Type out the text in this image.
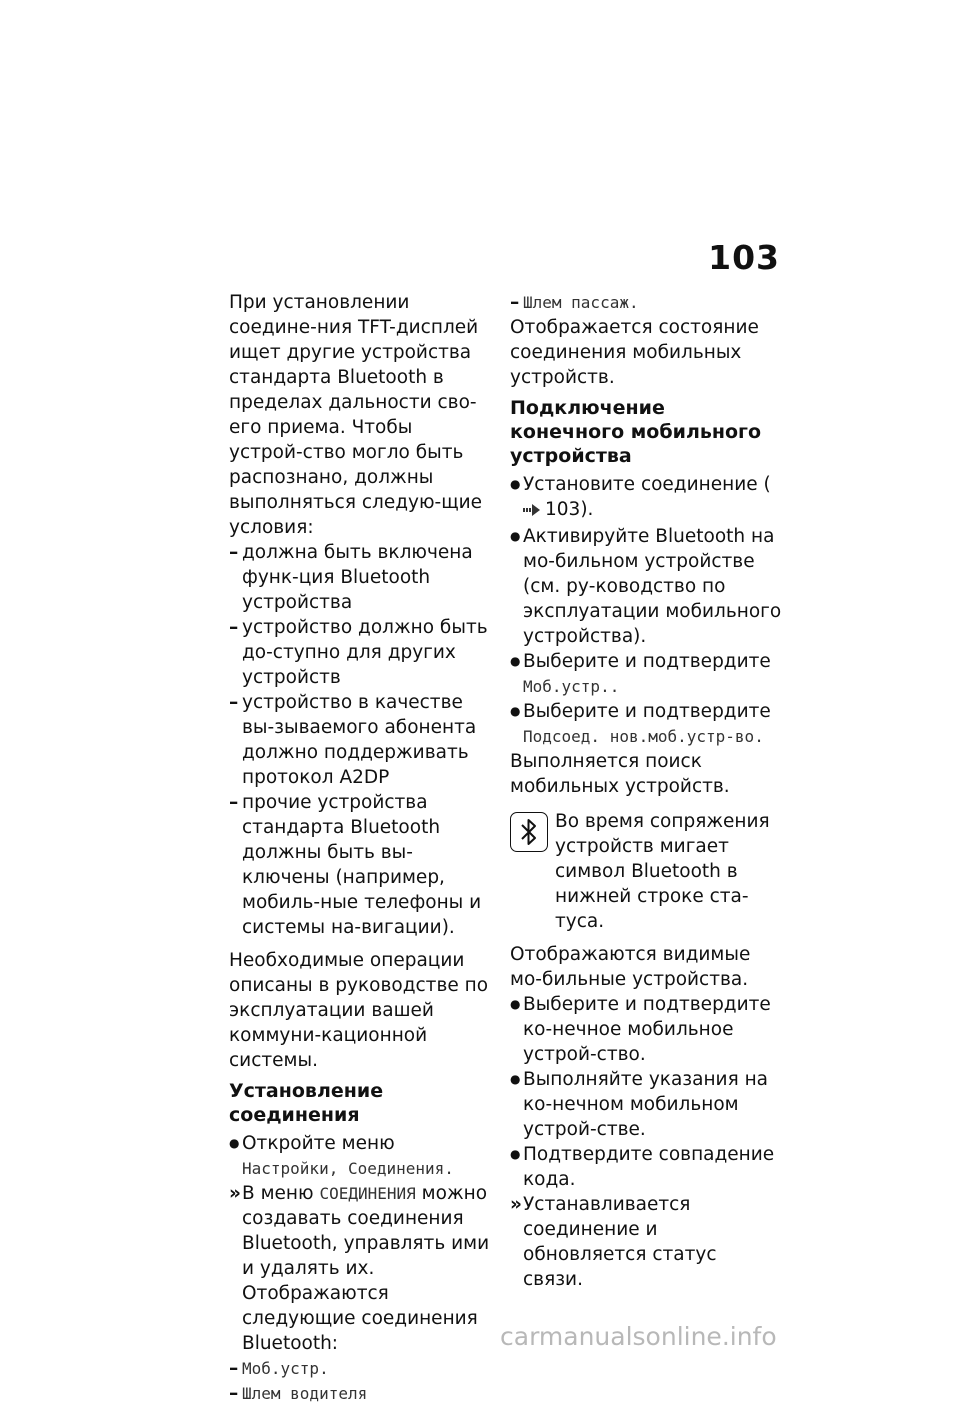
103

При установлении соедине-ния TFT-дисплей ищет другие устройства стандарта Bluetooth в пределах дальности сво-его приема. Чтобы устрой-ство могло быть распознано, должны выполняться следую-щие условия:

– должна быть включена функ-ция Bluetooth устройства
– устройство должно быть до-ступно для других устройств
– устройство в качестве вы-зываемого абонента должно поддерживать протокол A2DP
– прочие устройства стандарта Bluetooth должны быть вы-ключены (например, мобиль-ные телефоны и системы на-вигации).

Необходимые операции описаны в руководстве по эксплуатации вашей коммуни-кационной системы.

Установление соединения
● Откройте меню Настройки, Соединения.
» В меню СОЕДИНЕНИЯ можно создавать соединения Bluetooth, управлять ими и удалять их. Отображаются следующие соединения Bluetooth:
– Моб.устр.
– Шлем водителя
– Шлем пассаж.

Отображается состояние соединения мобильных устройств.

Подключение конечного мобильного устройства
● Установите соединение (103).
● Активируйте Bluetooth на мо-бильном устройстве (см. ру-ководство по эксплуатации мобильного устройства).
● Выберите и подтвердите Моб.устр..
● Выберите и подтвердите Подсоед. нов.моб.устр-во.

Выполняется поиск мобильных устройств.

Во время сопряжения устройств мигает символ Bluetooth в нижней строке ста-туса.

Отображаются видимые мо-бильные устройства.

● Выберите и подтвердите ко-нечное мобильное устрой-ство.
● Выполняйте указания на ко-нечном мобильном устрой-стве.
● Подтвердите совпадение кода.
» Устанавливается соединение и обновляется статус связи.
carmanualsonline.info
